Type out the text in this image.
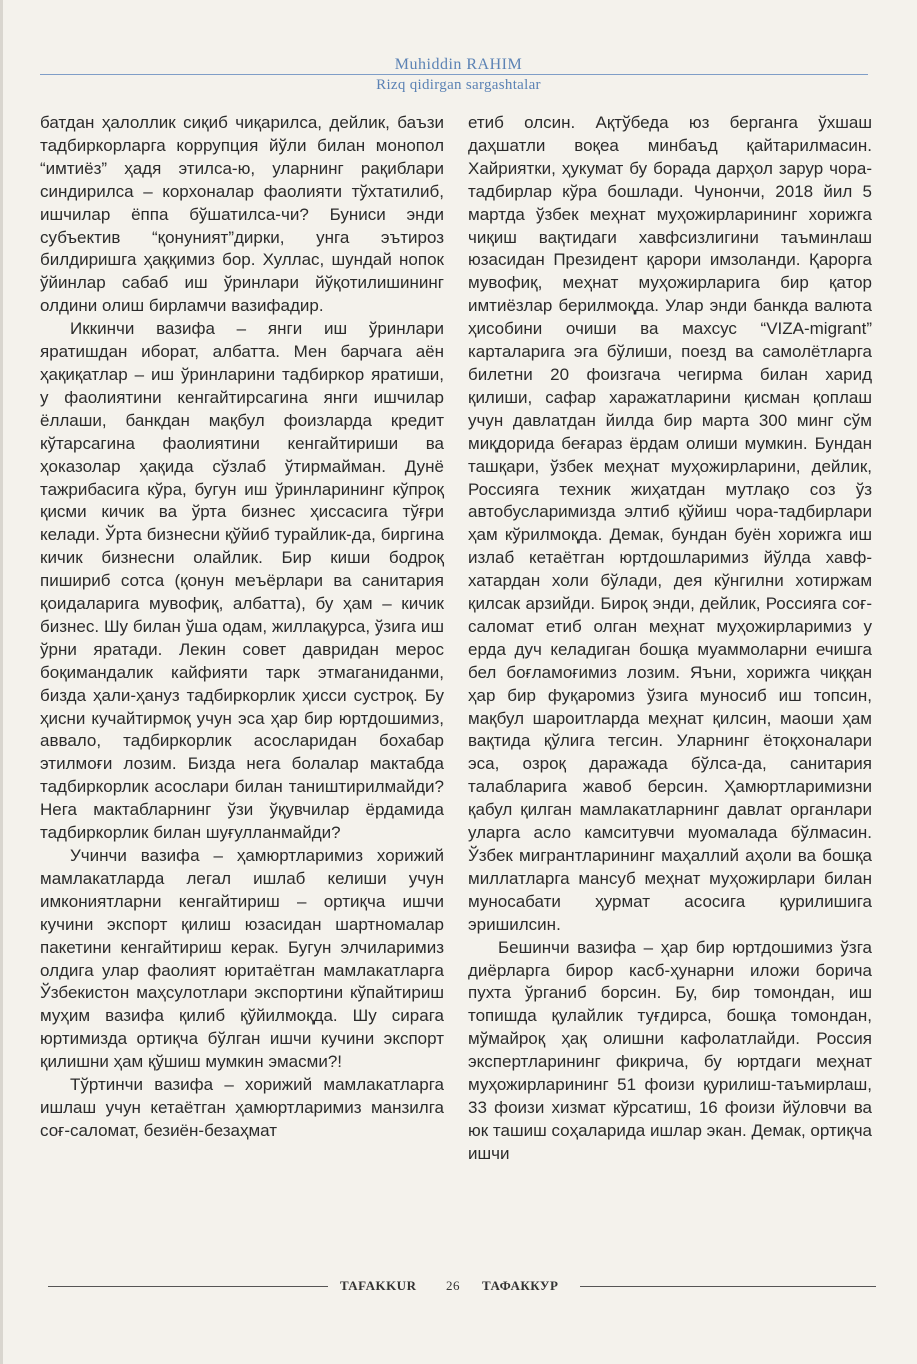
Muhiddin RAHIM
Rizq qidirgan sargashtalar

батдан ҳалоллик сиқиб чиқарилса, дейлик, баъзи тадбиркорларга коррупция йўли билан монопол “имтиёз” ҳадя этилса-ю, уларнинг рақиблари синдирилса – корхоналар фаолияти тўхтатилиб, ишчилар ёппа бўшатилса-чи? Буниси энди субъектив “қонуният”дирки, унга эътироз билдиришга ҳаққимиз бор. Хуллас, шундай нопок ўйинлар сабаб иш ўринлари йўқотилишининг олдини олиш бирламчи вазифадир.

Иккинчи вазифа – янги иш ўринлари яратишдан иборат, албатта. Мен барчага аён ҳақиқатлар – иш ўринларини тадбиркор яратиши, у фаолиятини кенгайтирсагина янги ишчилар ёллаши, банкдан мақбул фоизларда кредит кўтарсагина фаолиятини кенгайтириши ва ҳоказолар ҳақида сўзлаб ўтирмайман. Дунё тажрибасига кўра, бугун иш ўринларининг кўпроқ қисми кичик ва ўрта бизнес ҳиссасига тўғри келади. Ўрта бизнесни қўйиб турайлик-да, биргина кичик бизнесни олайлик. Бир киши бодроқ пишириб сотса (қонун меъёрлари ва санитария қоидаларига мувофиқ, албатта), бу ҳам – кичик бизнес. Шу билан ўша одам, жиллақурса, ўзига иш ўрни яратади. Лекин совет давридан мерос боқимандалик кайфияти тарк этмаганиданми, бизда ҳали-ҳануз тадбиркорлик ҳисси сустроқ. Бу ҳисни кучайтирмоқ учун эса ҳар бир юртдошимиз, аввало, тадбиркорлик асосларидан бохабар этилмоғи лозим. Бизда нега болалар мактабда тадбиркорлик асослари билан таништирилмайди? Нега мактабларнинг ўзи ўқувчилар ёрдамида тадбиркорлик билан шуғулланмайди?

Учинчи вазифа – ҳамюртларимиз хорижий мамлакатларда легал ишлаб келиши учун имкониятларни кенгайтириш – ортиқча ишчи кучини экспорт қилиш юзасидан шартномалар пакетини кенгайтириш керак. Бугун элчиларимиз олдига улар фаолият юритаётган мамлакатларга Ўзбекистон маҳсулотлари экспортини кўпайтириш муҳим вазифа қилиб қўйилмоқда. Шу сирага юртимизда ортиқча бўлган ишчи кучини экспорт қилишни ҳам қўшиш мумкин эмасми?!

Тўртинчи вазифа – хорижий мамлакатларга ишлаш учун кетаётган ҳамюртларимиз манзилга соғ-саломат, безиён-безаҳмат

етиб олсин. Ақтўбеда юз берганга ўхшаш даҳшатли воқеа минбаъд қайтарилмасин. Хайриятки, ҳукумат бу борада дарҳол зарур чора-тадбирлар кўра бошлади. Чунончи, 2018 йил 5 мартда ўзбек меҳнат муҳожирларининг хорижга чиқиш вақтидаги хавфсизлигини таъминлаш юзасидан Президент қарори имзоланди. Қарорга мувофиқ, меҳнат муҳожирларига бир қатор имтиёзлар берилмоқда. Улар энди банкда валюта ҳисобини очиши ва махсус “VIZA-migrant” карталарига эга бўлиши, поезд ва самолётларга билетни 20 фоизгача чегирма билан харид қилиши, сафар харажатларини қисман қоплаш учун давлатдан йилда бир марта 300 минг сўм миқдорида беғараз ёрдам олиши мумкин. Бундан ташқари, ўзбек меҳнат муҳожирларини, дейлик, Россияга техник жиҳатдан мутлақо соз ўз автобусларимизда элтиб қўйиш чора-тадбирлари ҳам кўрилмоқда. Демак, бундан буён хорижга иш излаб кетаётган юртдошларимиз йўлда хавф-хатардан холи бўлади, дея кўнгилни хотиржам қилсак арзийди. Бироқ энди, дейлик, Россияга соғ-саломат етиб олган меҳнат муҳожирларимиз у ерда дуч келадиган бошқа муаммоларни ечишга бел боғламоғимиз лозим. Яъни, хорижга чиққан ҳар бир фуқаромиз ўзига муносиб иш топсин, мақбул шароитларда меҳнат қилсин, маоши ҳам вақтида қўлига тегсин. Уларнинг ётоқхоналари эса, озроқ даражада бўлса-да, санитария талабларига жавоб берсин. Ҳамюртларимизни қабул қилган мамлакатларнинг давлат органлари уларга асло камситувчи муомалада бўлмасин. Ўзбек мигрантларининг маҳаллий аҳоли ва бошқа миллатларга мансуб меҳнат муҳожирлари билан муносабати ҳурмат асосига қурилишига эришилсин.

Бешинчи вазифа – ҳар бир юртдошимиз ўзга диёрларга бирор касб-ҳунарни иложи борича пухта ўрганиб борсин. Бу, бир томондан, иш топишда қулайлик туғдирса, бошқа томондан, мўмайроқ ҳақ олишни кафолатлайди. Россия экспертларининг фикрича, бу юртдаги меҳнат муҳожирларининг 51 фоизи қурилиш-таъмирлаш, 33 фоизи хизмат кўрсатиш, 16 фоизи йўловчи ва юк ташиш соҳаларида ишлар экан. Демак, ортиқча ишчи

TAFAKKUR 26 ТАФАККУР
